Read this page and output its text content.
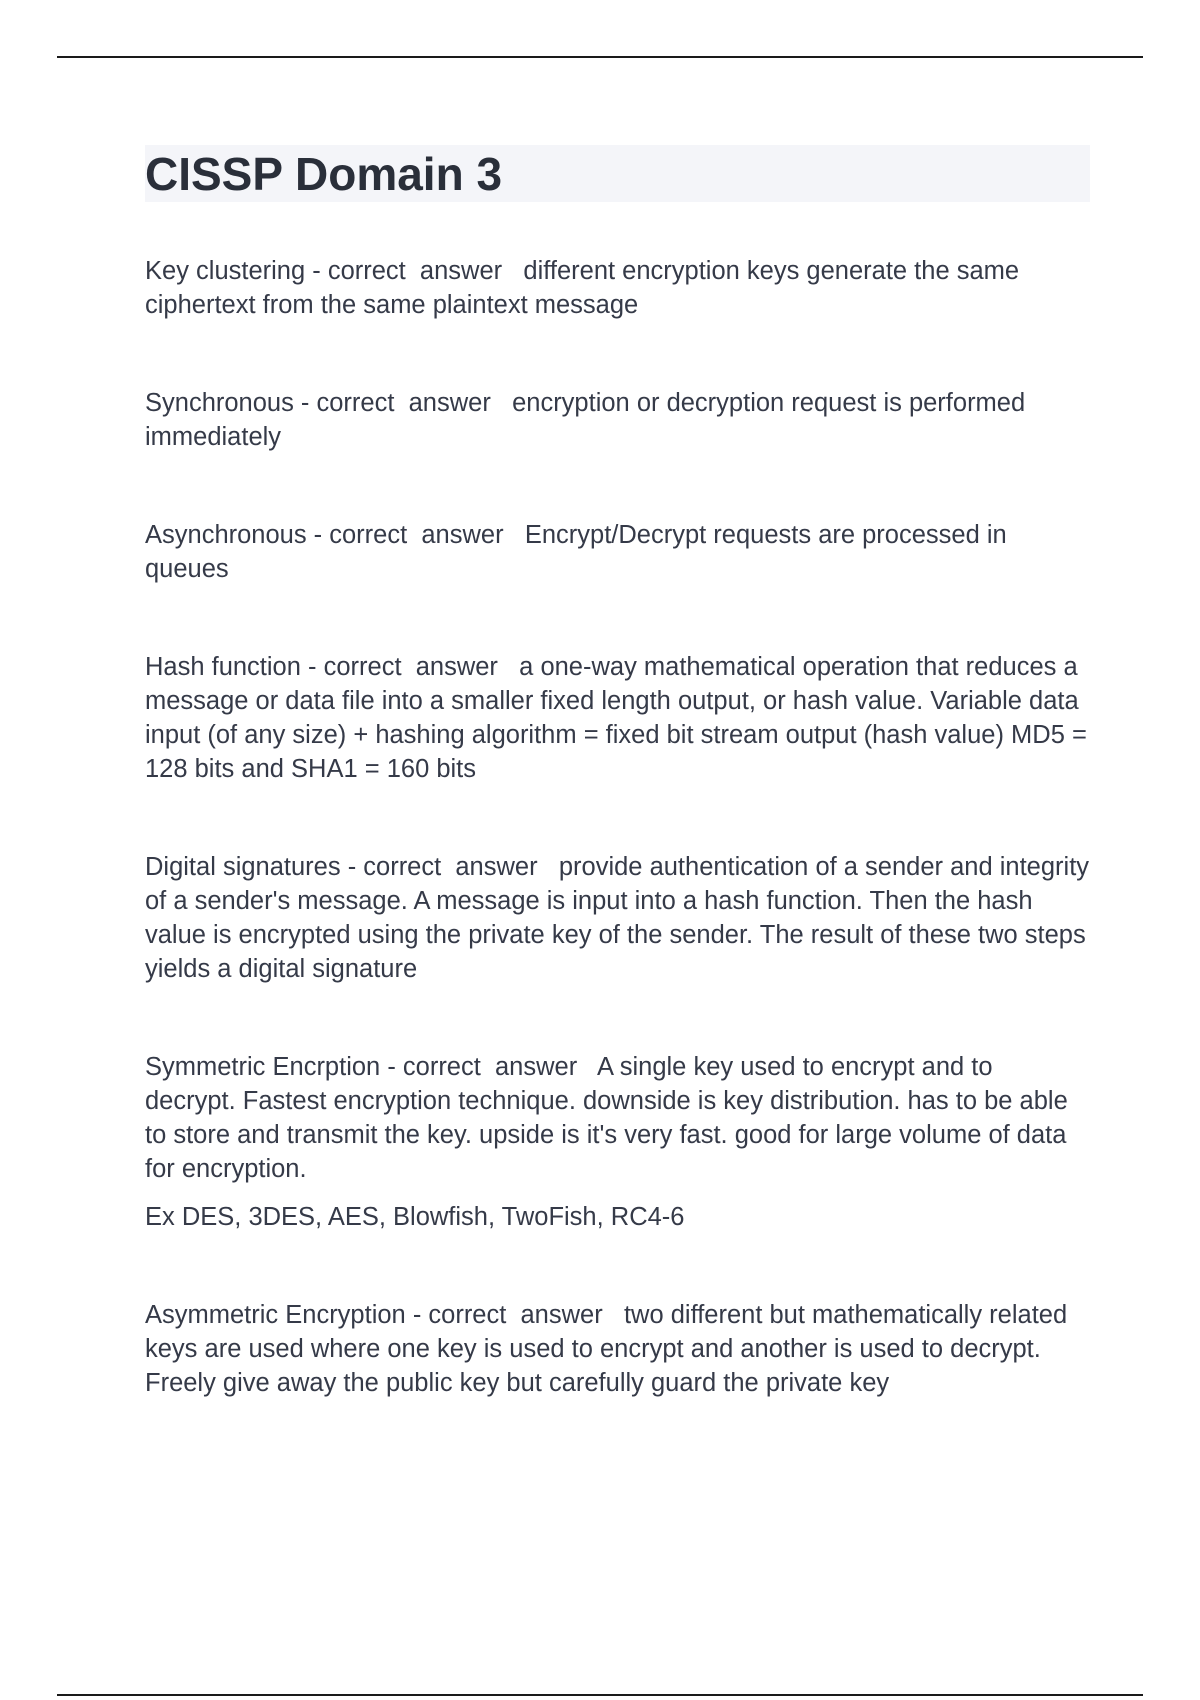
CISSP Domain 3

Key clustering - correct  answer   different encryption keys generate the same ciphertext from the same plaintext message

Synchronous - correct  answer   encryption or decryption request is performed immediately

Asynchronous - correct  answer   Encrypt/Decrypt requests are processed in queues

Hash function - correct  answer   a one-way mathematical operation that reduces a message or data file into a smaller fixed length output, or hash value. Variable data input (of any size) + hashing algorithm = fixed bit stream output (hash value) MD5 = 128 bits and SHA1 = 160 bits

Digital signatures - correct  answer   provide authentication of a sender and integrity of a sender's message. A message is input into a hash function. Then the hash value is encrypted using the private key of the sender. The result of these two steps yields a digital signature

Symmetric Encrption - correct  answer   A single key used to encrypt and to decrypt. Fastest encryption technique. downside is key distribution. has to be able to store and transmit the key. upside is it's very fast. good for large volume of data for encryption.

Ex DES, 3DES, AES, Blowfish, TwoFish, RC4-6

Asymmetric Encryption - correct  answer   two different but mathematically related keys are used where one key is used to encrypt and another is used to decrypt. Freely give away the public key but carefully guard the private key
